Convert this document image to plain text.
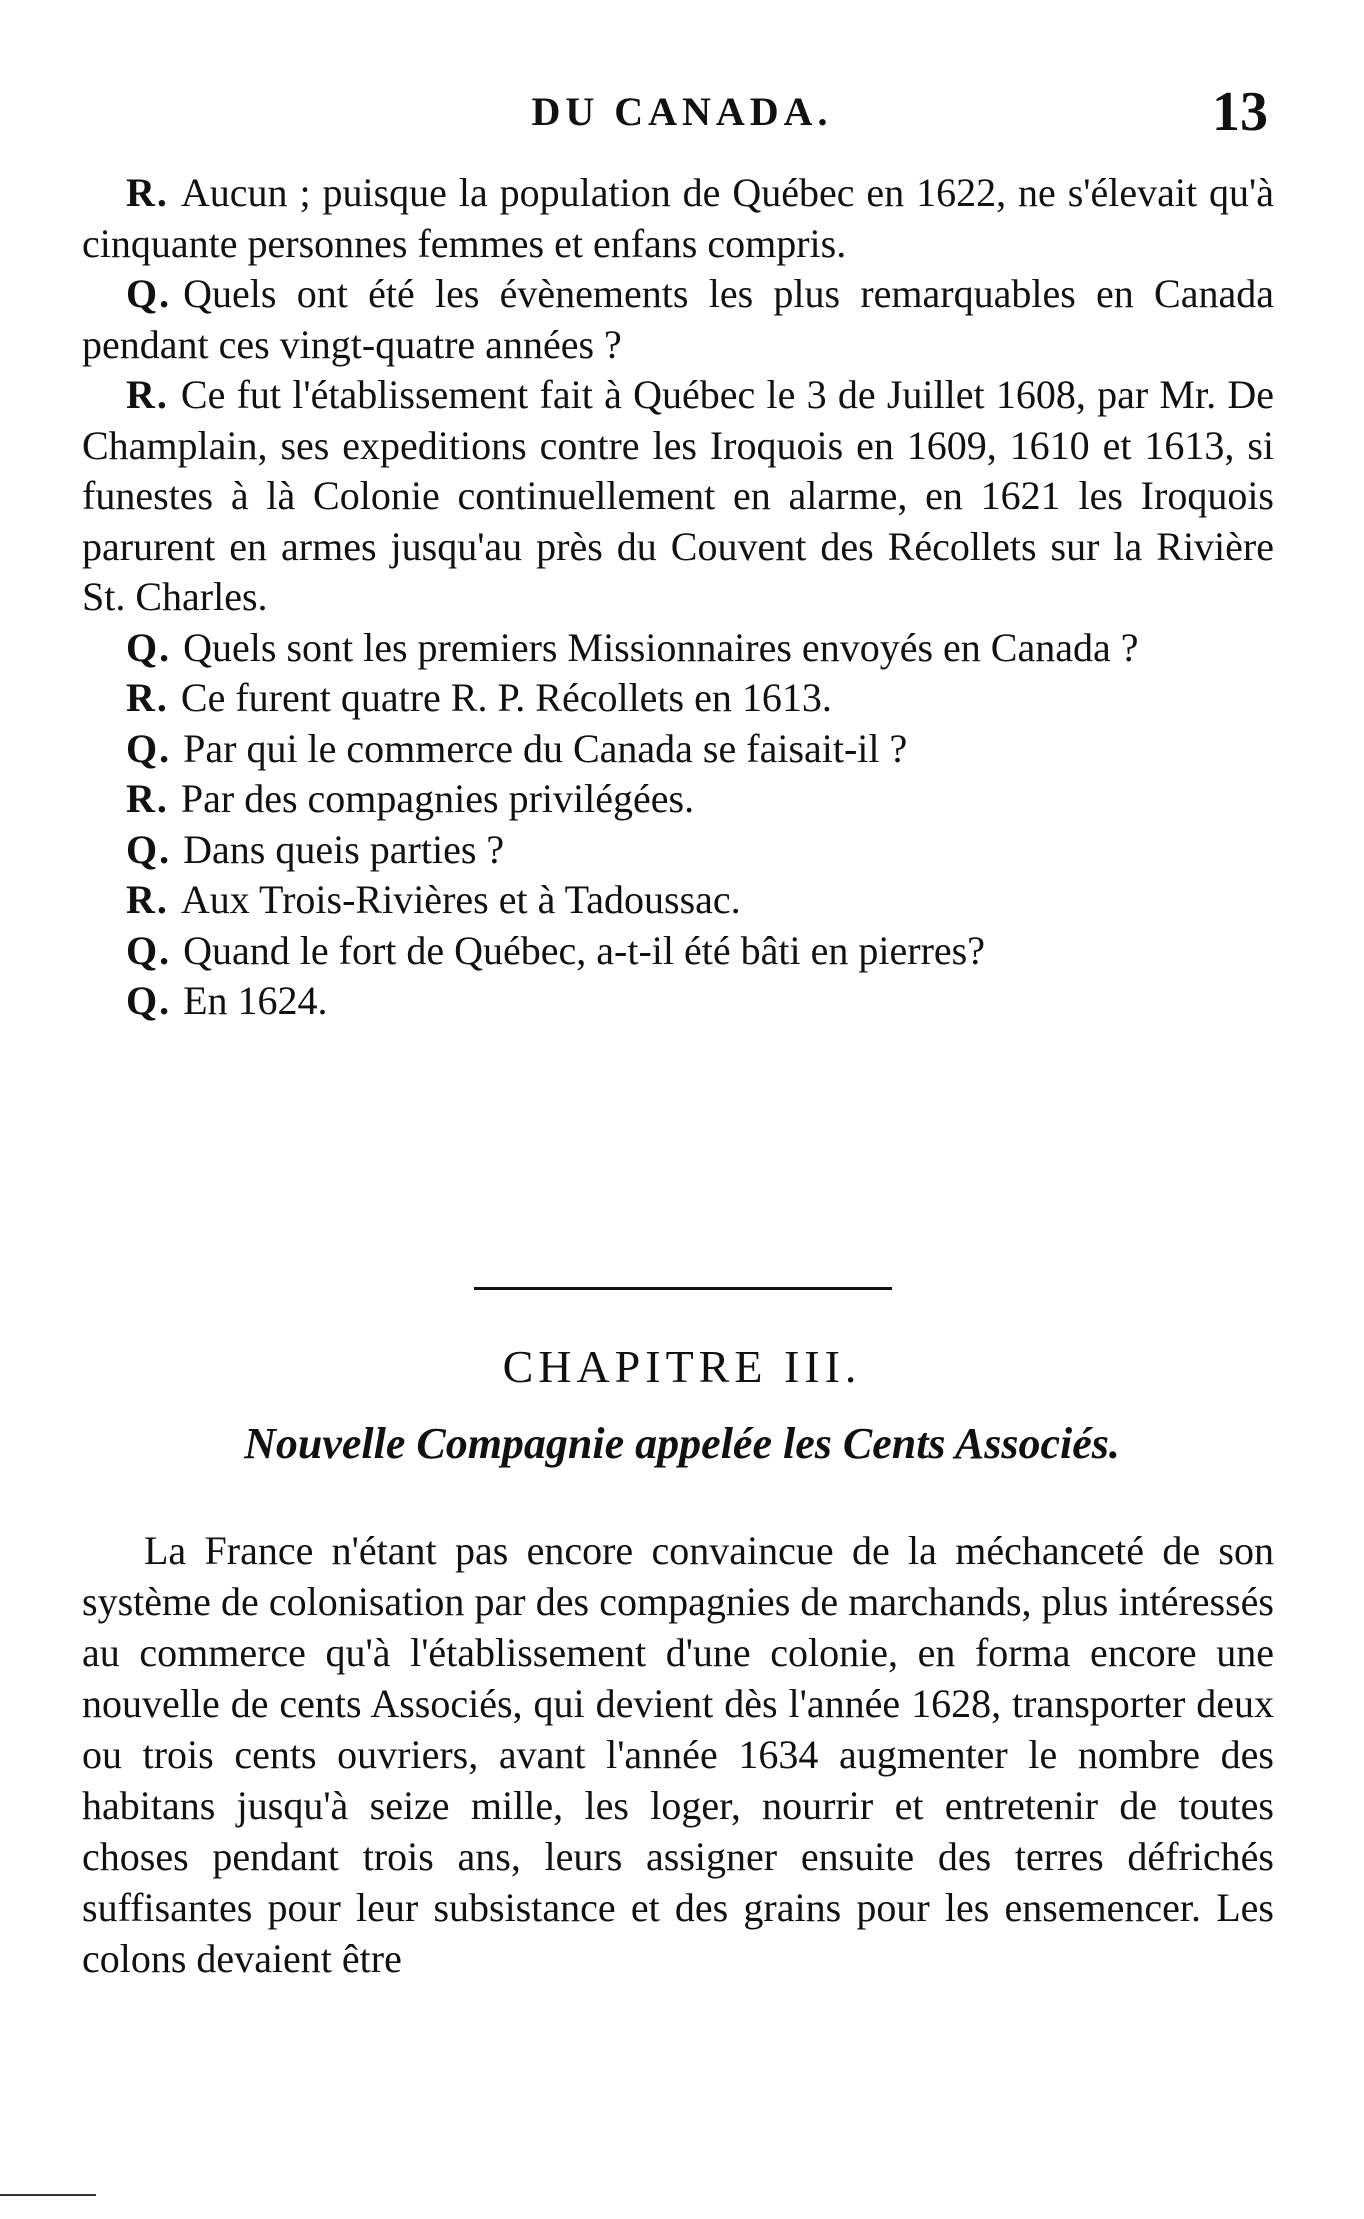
DU CANADA.	13

R. Aucun ; puisque la population de Québec en 1622, ne s'élevait qu'à cinquante personnes femmes et enfans compris.

Q. Quels ont été les évènements les plus remarquables en Canada pendant ces vingt-quatre années ?

R. Ce fut l'établissement fait à Québec le 3 de Juillet 1608, par Mr. De Champlain, ses expeditions contre les Iroquois en 1609, 1610 et 1613, si funestes à là Colonie continuellement en alarme, en 1621 les Iroquois parurent en armes jusqu'au près du Couvent des Récollets sur la Rivière St. Charles.

Q. Quels sont les premiers Missionnaires envoyés en Canada ?

R. Ce furent quatre R. P. Récollets en 1613.

Q. Par qui le commerce du Canada se faisait-il ?

R. Par des compagnies privilégées.

Q. Dans queis parties ?

R. Aux Trois-Rivières et à Tadoussac.

Q. Quand le fort de Québec, a-t-il été bâti en pierres?

Q. En 1624.

CHAPITRE III.
Nouvelle Compagnie appelée les Cents Associés.

La France n'étant pas encore convaincue de la méchanceté de son système de colonisation par des compagnies de marchands, plus intéressés au commerce qu'à l'établissement d'une colonie, en forma encore une nouvelle de cents Associés, qui devient dès l'année 1628, transporter deux ou trois cents ouvriers, avant l'année 1634 augmenter le nombre des habitans jusqu'à seize mille, les loger, nourrir et entretenir de toutes choses pendant trois ans, leurs assigner ensuite des terres défrichés suffisantes pour leur subsistance et des grains pour les ensemencer. Les colons devaient être
